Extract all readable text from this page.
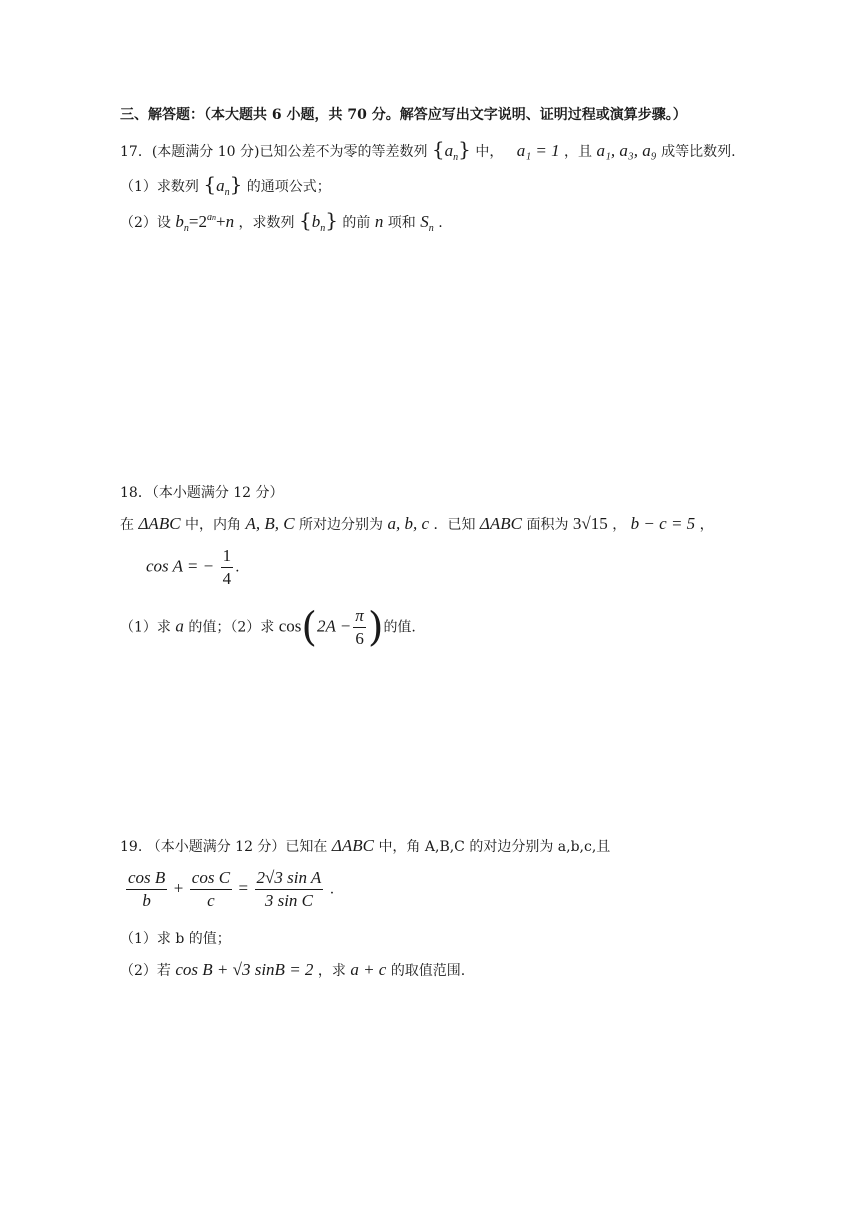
三、解答题：（本大题共 6 小题，共 70 分。解答应写出文字说明、证明过程或演算步骤。）
17．(本题满分 10 分)已知公差不为零的等差数列 $\{a_n\}$ 中， a₁ = 1 ，且 a₁, a₃, a₉ 成等比数列.
（1）求数列 $\{a_n\}$ 的通项公式；
（2）设 $b_n=2^{an}+n$ ，求数列 $\{b_n\}$ 的前 n 项和 $S_n$ .
18．（本小题满分 12 分）
在 ΔABC 中，内角 A, B, C 所对边分别为 a, b, c ．已知 ΔABC 面积为 3√15 ， b − c = 5 ，
cos A = − $\frac{1}{4}$ .
（1）求 a 的值；（2）求 $\cos(2A - \frac{\pi}{6}$ )的值.
19. （本小题满分 12 分）已知在 ΔABC 中，角 A,B,C 的对边分别为 a,b,c,且
$\frac{\text{cos B}}{b} + \frac{\text{cos C}}{c} = \frac{\text{2√3 sin A}}{\text{3 sin C}}$ .
（1）求 b 的值；
（2）若 cos B + √3 sinB = 2 ，求 a + c 的取值范围.
